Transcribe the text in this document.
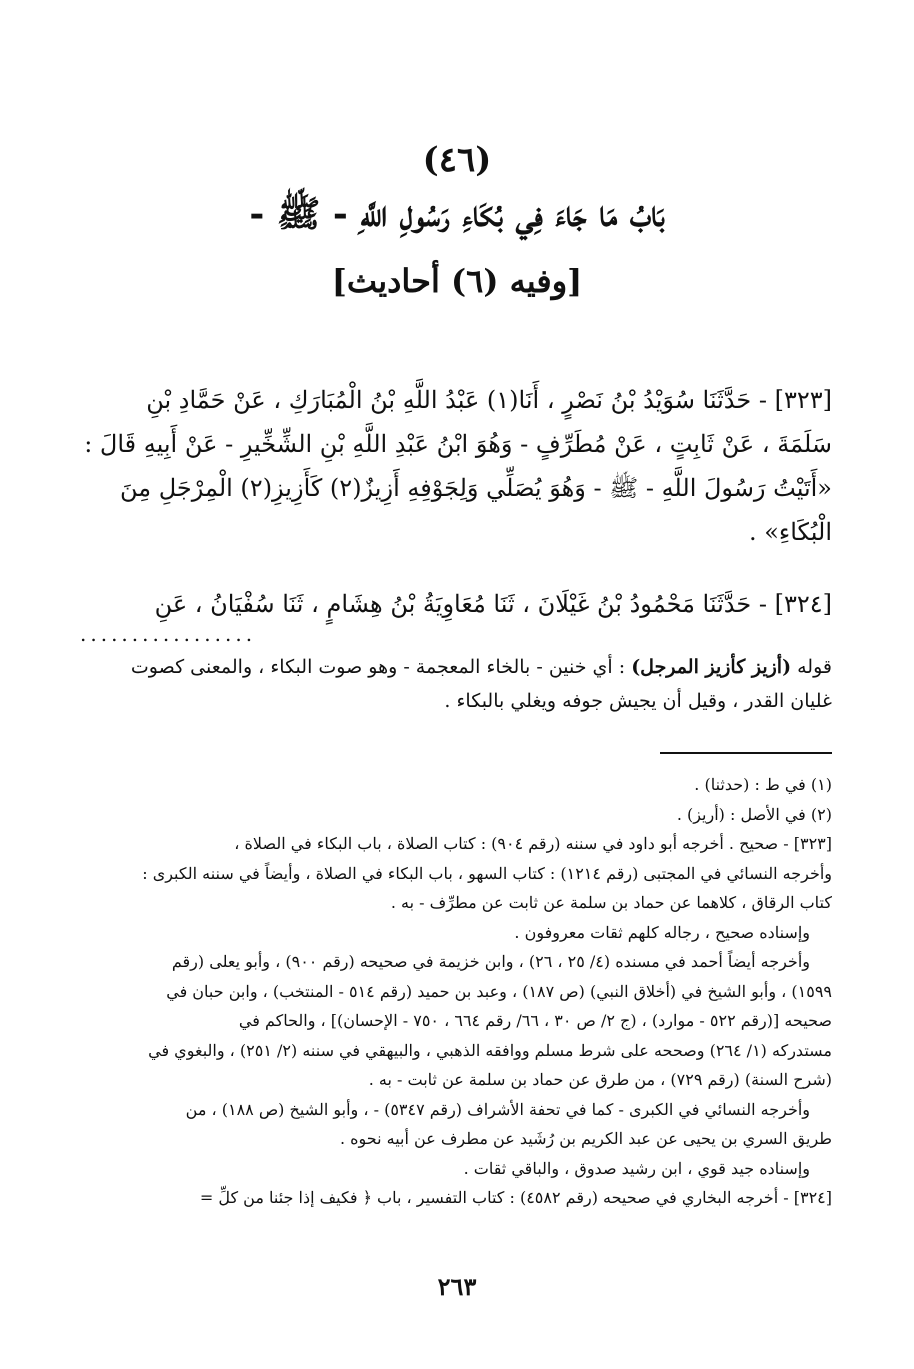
(٤٦)
بَابُ مَا جَاءَ فِي بُكَاءِ رَسُولِ اللَّهِ - ﷺ -
[وفيه (٦) أحاديث]

[٣٢٣] - حَدَّثَنَا سُوَيْدُ بْنُ نَصْرٍ ، أَنَا(١) عَبْدُ اللَّهِ بْنُ الْمُبَارَكِ ، عَنْ حَمَّادِ بْنِ

سَلَمَةَ ، عَنْ ثَابِتٍ ، عَنْ مُطَرِّفٍ - وَهُوَ ابْنُ عَبْدِ اللَّهِ بْنِ الشِّخِّيرِ - عَنْ أَبِيهِ قَالَ :

«أَتَيْتُ رَسُولَ اللَّهِ - ﷺ - وَهُوَ يُصَلِّي وَلِجَوْفِهِ أَزِيزٌ(٢) كَأَزِيزِ(٢) الْمِرْجَلِ مِنَ

الْبُكَاءِ» .

[٣٢٤] - حَدَّثَنَا مَحْمُودُ بْنُ غَيْلَانَ ، ثَنَا مُعَاوِيَةُ بْنُ هِشَامٍ ، ثَنَا سُفْيَانُ ، عَنِ

.................

قوله (أزيز كأزيز المرجل) : أي خنين - بالخاء المعجمة - وهو صوت البكاء ، والمعنى كصوت

غليان القدر ، وقيل أن يجيش جوفه ويغلي بالبكاء .

(١) في ط : (حدثنا) .

(٢) في الأصل : (أريز) .

[٣٢٣] - صحيح . أخرجه أبو داود في سننه (رقم ٩٠٤) : كتاب الصلاة ، باب البكاء في الصلاة ،

وأخرجه النسائي في المجتبى (رقم ١٢١٤) : كتاب السهو ، باب البكاء في الصلاة ، وأيضاً في سننه الكبرى :

كتاب الرقاق ، كلاهما عن حماد بن سلمة عن ثابت عن مطرِّف - به .

وإسناده صحيح ، رجاله كلهم ثقات معروفون .

وأخرجه أيضاً أحمد في مسنده (٤/ ٢٥ ، ٢٦) ، وابن خزيمة في صحيحه (رقم ٩٠٠) ، وأبو يعلى (رقم

١٥٩٩) ، وأبو الشيخ في (أخلاق النبي) (ص ١٨٧) ، وعبد بن حميد (رقم ٥١٤ - المنتخب) ، وابن حبان في

صحيحه [(رقم ٥٢٢ - موارد) ، (ج ٢/ ص ٣٠ ، ٦٦/ رقم ٦٦٤ ، ٧٥٠ - الإحسان)] ، والحاكم في

مستدركه (١/ ٢٦٤) وصححه على شرط مسلم ووافقه الذهبي ، والبيهقي في سننه (٢/ ٢٥١) ، والبغوي في

(شرح السنة) (رقم ٧٢٩) ، من طرق عن حماد بن سلمة عن ثابت - به .

وأخرجه النسائي في الكبرى - كما في تحفة الأشراف (رقم ٥٣٤٧) - ، وأبو الشيخ (ص ١٨٨) ، من

طريق السري بن يحيى عن عبد الكريم بن رُشَيد عن مطرف عن أبيه نحوه .

وإسناده جيد قوي ، ابن رشيد صدوق ، والباقي ثقات .

[٣٢٤] - أخرجه البخاري في صحيحه (رقم ٤٥٨٢) : كتاب التفسير ، باب ﴿ فكيف إذا جئنا من كلِّ =

٢٦٣
